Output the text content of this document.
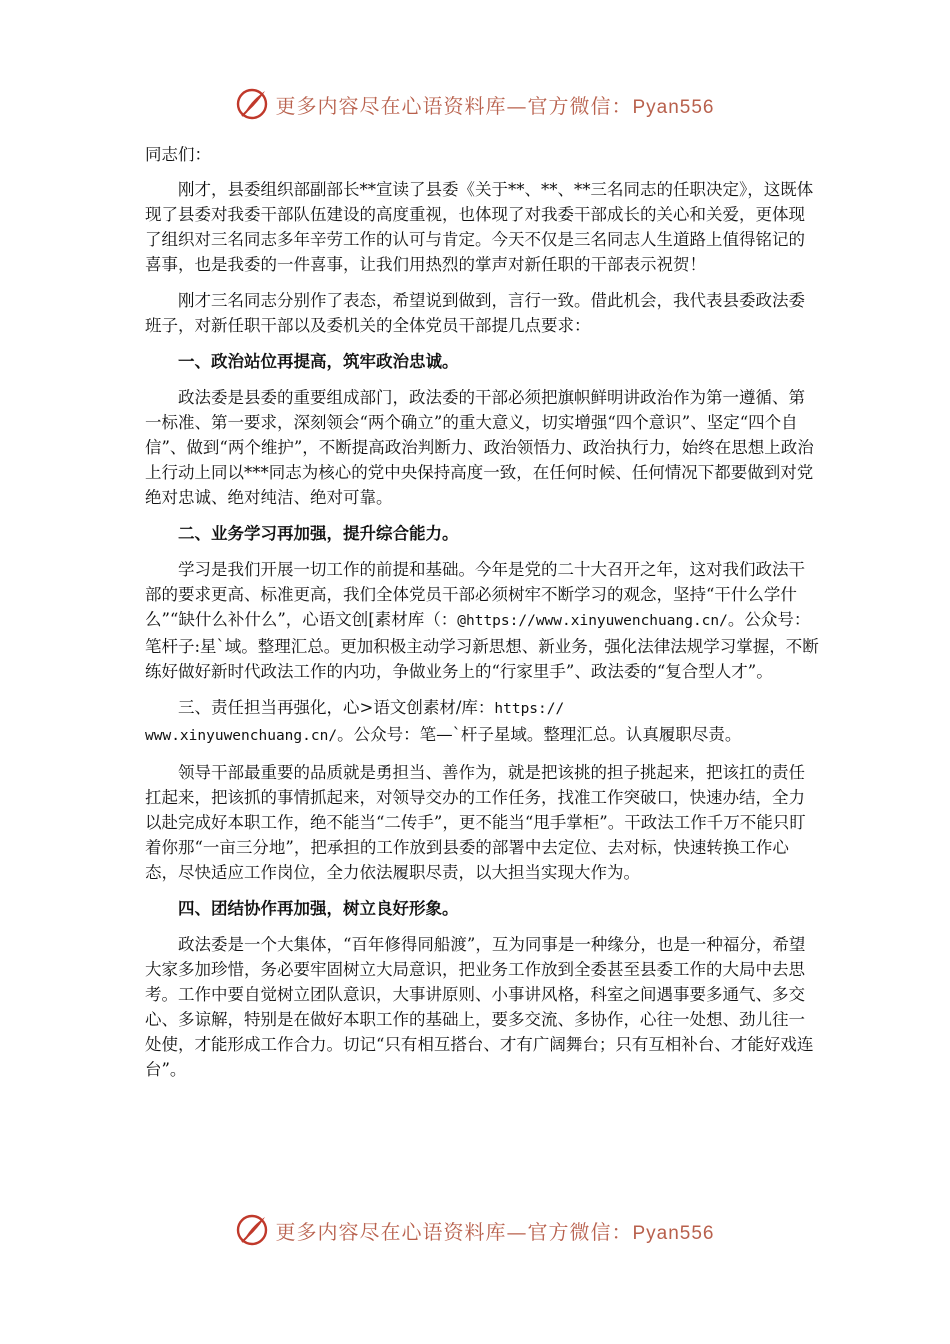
更多内容尽在心语资料库—官方微信：Pyan556

同志们：

刚才，县委组织部副部长**宣读了县委《关于**、**、**三名同志的任职决定》，这既体现了县委对我委干部队伍建设的高度重视，也体现了对我委干部成长的关心和关爱，更体现了组织对三名同志多年辛劳工作的认可与肯定。今天不仅是三名同志人生道路上值得铭记的喜事，也是我委的一件喜事，让我们用热烈的掌声对新任职的干部表示祝贺！

刚才三名同志分别作了表态，希望说到做到，言行一致。借此机会，我代表县委政法委班子，对新任职干部以及委机关的全体党员干部提几点要求：

一、政治站位再提高，筑牢政治忠诚。

政法委是县委的重要组成部门，政法委的干部必须把旗帜鲜明讲政治作为第一遵循、第一标准、第一要求，深刻领会“两个确立”的重大意义，切实增强“四个意识”、坚定“四个自信”、做到“两个维护”，不断提高政治判断力、政治领悟力、政治执行力，始终在思想上政治上行动上同以***同志为核心的党中央保持高度一致，在任何时候、任何情况下都要做到对党绝对忠诚、绝对纯洁、绝对可靠。

二、业务学习再加强，提升综合能力。

学习是我们开展一切工作的前提和基础。今年是党的二十大召开之年，这对我们政法干部的要求更高、标准更高，我们全体党员干部必须树牢不断学习的观念，坚持“干什么学什么”“缺什么补什么”，心语文创[素材库（：@https://www.xinyuwenchuang.cn/。公众号：笔杆子:星`域。整理汇总。更加积极主动学习新思想、新业务，强化法律法规学习掌握，不断练好做好新时代政法工作的内功，争做业务上的“行家里手”、政法委的“复合型人才”。

三、责任担当再强化，心>语文创素材/库：https://
www.xinyuwenchuang.cn/。公众号：笔—`杆子星域。整理汇总。认真履职尽责。

领导干部最重要的品质就是勇担当、善作为，就是把该挑的担子挑起来，把该扛的责任扛起来，把该抓的事情抓起来，对领导交办的工作任务，找准工作突破口，快速办结，全力以赴完成好本职工作，绝不能当“二传手”，更不能当“甩手掌柜”。干政法工作千万不能只盯着你那“一亩三分地”，把承担的工作放到县委的部署中去定位、去对标，快速转换工作心态，尽快适应工作岗位，全力依法履职尽责，以大担当实现大作为。

四、团结协作再加强，树立良好形象。

政法委是一个大集体，“百年修得同船渡”，互为同事是一种缘分，也是一种福分，希望大家多加珍惜，务必要牢固树立大局意识，把业务工作放到全委甚至县委工作的大局中去思考。工作中要自觉树立团队意识，大事讲原则、小事讲风格，科室之间遇事要多通气、多交心、多谅解，特别是在做好本职工作的基础上，要多交流、多协作，心往一处想、劲儿往一处使，才能形成工作合力。切记“只有相互搭台、才有广阔舞台；只有互相补台、才能好戏连台”。

更多内容尽在心语资料库—官方微信：Pyan556
